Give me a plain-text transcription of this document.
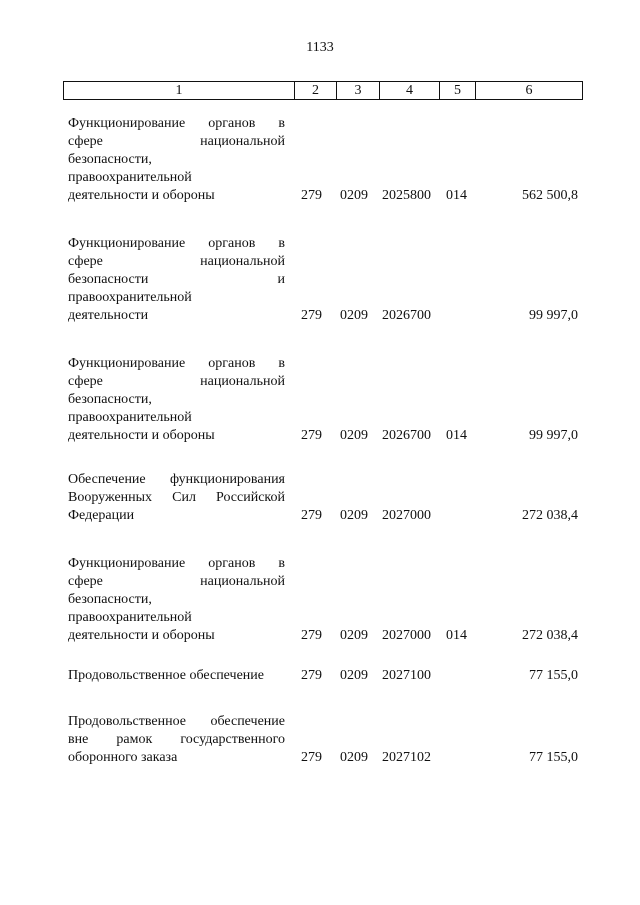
1133
1	2	3	4	5	6
Функционирование органов в
сфере национальной
безопасности,
правоохранительной
деятельности и обороны	279 0209 2025800 014	562 500,8
Функционирование органов в
сфере национальной
безопасности и
правоохранительной
деятельности	279 0209 2026700	99 997,0
Функционирование органов в
сфере национальной
безопасности,
правоохранительной
деятельности и обороны	279 0209 2026700 014	99 997,0
Обеспечение функционирования
Вооруженных Сил Российской
Федерации	279 0209 2027000	272 038,4
Функционирование органов в
сфере национальной
безопасности,
правоохранительной
деятельности и обороны	279 0209 2027000 014	272 038,4
Продовольственное обеспечение	279 0209 2027100	77 155,0
Продовольственное обеспечение
вне рамок государственного
оборонного заказа	279 0209 2027102	77 155,0
